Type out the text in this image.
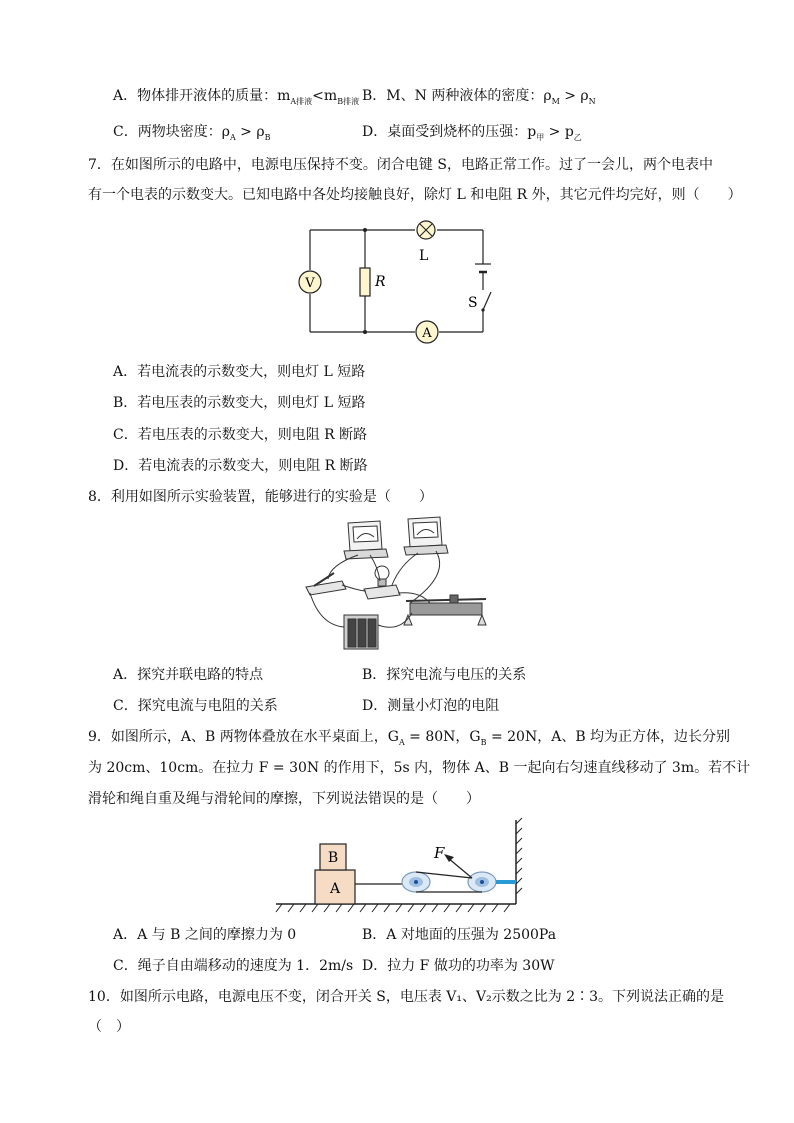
A．物体排开液体的质量：$m_{A排液}<m_{B排液}$ B．M、N 两种液体的密度：$\rho_M > \rho_N$
C．两物块密度：$\rho_A > \rho_B$	D．桌面受到烧杯的压强：$p_甲 > p_乙$
7．在如图所示的电路中，电源电压保持不变。闭合电键 S，电路正常工作。过了一会儿，两个电表中
有一个电表的示数变大。已知电路中各处均接触良好，除灯 L 和电阻 R 外，其它元件均完好，则（　　）
V
A
R
L
S
A．若电流表的示数变大，则电灯 L 短路
B．若电压表的示数变大，则电灯 L 短路
C．若电压表的示数变大，则电阻 R 断路
D．若电流表的示数变大，则电阻 R 断路
8．利用如图所示实验装置，能够进行的实验是（　　）
A．探究并联电路的特点	B．探究电流与电压的关系
C．探究电流与电阻的关系	D．测量小灯泡的电阻
9．如图所示，A、B 两物体叠放在水平桌面上，$G_A = 80N$，$G_B = 20N$，A、B 均为正方体，边长分别
为 20cm、10cm。在拉力 F = 30N 的作用下，5s 内，物体 A、B 一起向右匀速直线移动了 3m。若不计
滑轮和绳自重及绳与滑轮间的摩擦，下列说法错误的是（　　）
A
B	F
A．A 与 B 之间的摩擦力为 0	B．A 对地面的压强为 2500Pa
C．绳子自由端移动的速度为 1．2m/s D．拉力 F 做功的功率为 30W
10．如图所示电路，电源电压不变，闭合开关 S，电压表 V₁、V₂示数之比为 2∶3。下列说法正确的是
（　）
